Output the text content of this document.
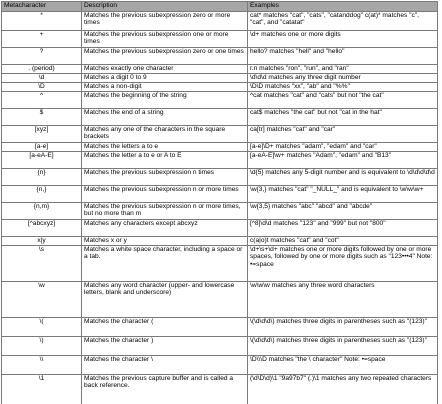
Metacharacter	Description	Examples
*	Matches the previous subexpression zero or more times	cat* matches "cat", "cats", "catanddog" c(at)* matches "c", "cat", and "catatat"
+	Matches the previous subexpression one or more times	\d+ matches one or more digits
?	Matches the previous subexpression zero or one times	hello? matches "hell" and "hello"
. (period)	Matches exactly one character	r.n matches "ron", "run", and "ran"
\d	Matches a digit 0 to 9	\d\d\d matches any three digit number
\D	Matches a non-digit	\D\D matches "xx", "ab" and "%%"
^	Matches the beginning of the string	^cat matches "cat" and "cats" but not "the cat"
$	Matches the end of a string	cat$ matches "the cat" but not "cat in the hat"
[xyz]	Matches any one of the characters in the square brackets	ca[tr] matches "cat" and "car"
[a-e]	Matches the letters a to e	[a-e]\D+ matches "adam", "edam" and "car"
[a-eA-E]	Matches the letter a to e or A to E	[a-eA-E]\w+ matches "Adam", "edam" and "B13"
{n}	Matches the previous subexpression n times	\d{5} matches any 5-digit number and is equivalent to \d\d\d\d\d
{n,}	Matches the previous subexpression n or more times	\w{3,} matches "cat" "_NULL_" and is equivalent to \w\w\w+
{n,m}	Matches the previous subexpression n or more times, but no more than m	\w{3,5} matches "abc" "abcd" and "abcde"
[^abcxyz]	Matches any characters except abcxyz	[^8]\d\d matches "123" and "999" but not "800"
x|y	Matches x or y	c(a|o)t matches "cat" and "cot"
\s	Matches a white space character, including a space or a tab.	\d+\s+\d+ matches one or more digits followed by one or more spaces, followed by one or more digits such as "123•••4" Note: •=space
\w	Matches any word character (upper- and lowercase letters, blank and underscore)	\w\w\w matches any three word characters
\(	Matches the character (	\(\d\d\d\) matches three digits in parentheses such as "(123)"
\)	Matches the character )	\(\d\d\d\) matches three digits in parentheses such as "(123)"
\\	Matches the character \	\D\\\D matches "the \ character" Note: •=space
\1	Matches the previous capture buffer and is called a back reference.	(\d\D\d)\1 "9a97b7" (.)\1 matches any two repeated characters
